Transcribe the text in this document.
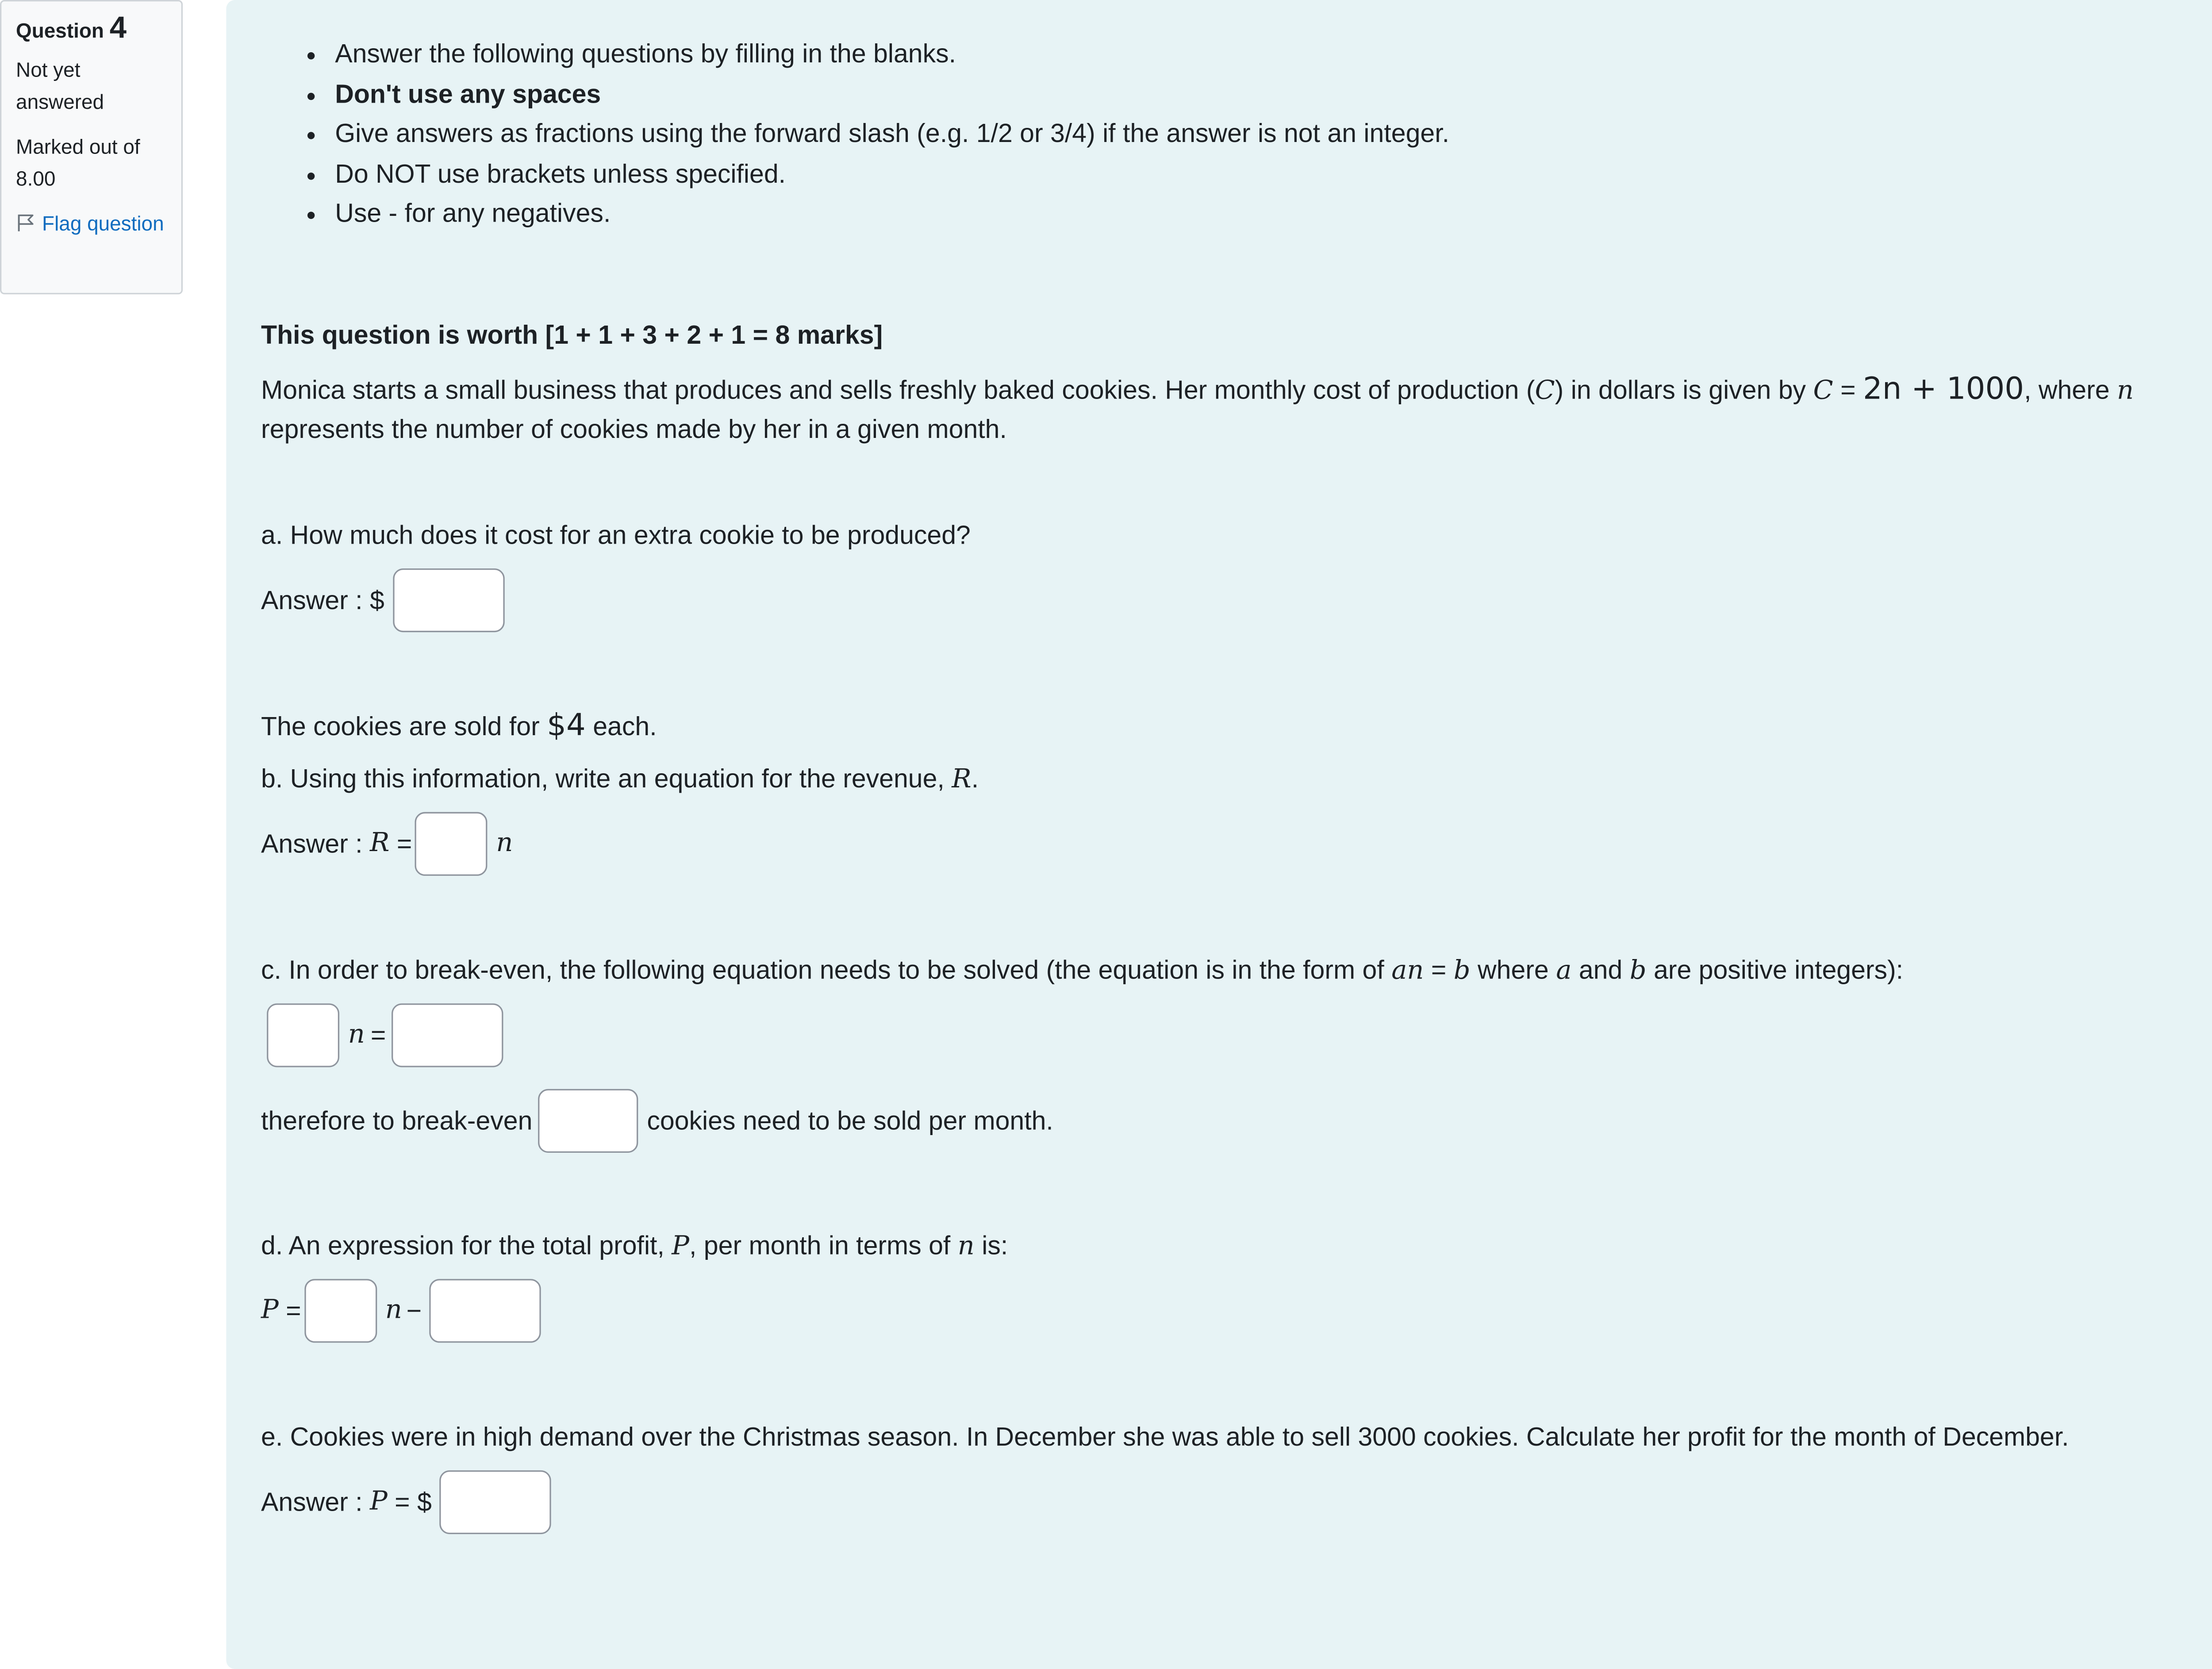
Question 4
Not yet answered
Marked out of 8.00
Flag question
• Answer the following questions by filling in the blanks.
• Don't use any spaces
• Give answers as fractions using the forward slash (e.g. 1/2 or 3/4) if the answer is not an integer.
• Do NOT use brackets unless specified.
• Use - for any negatives.
This question is worth [1 + 1 + 3 + 2 + 1 = 8 marks]
Monica starts a small business that produces and sells freshly baked cookies. Her monthly cost of production (C) in dollars is given by C = 2n + 1000, where n
represents the number of cookies made by her in a given month.
a. How much does it cost for an extra cookie to be produced?
Answer : $
The cookies are sold for $4 each.
b. Using this information, write an equation for the revenue, R.
Answer : R =	n
c. In order to break-even, the following equation needs to be solved (the equation is in the form of an = b where a and b are positive integers):
n =
therefore to break-even	cookies need to be sold per month.
d. An expression for the total profit, P, per month in terms of n is:
P =	n −
e. Cookies were in high demand over the Christmas season. In December she was able to sell 3000 cookies. Calculate her profit for the month of December.
Answer : P = $
